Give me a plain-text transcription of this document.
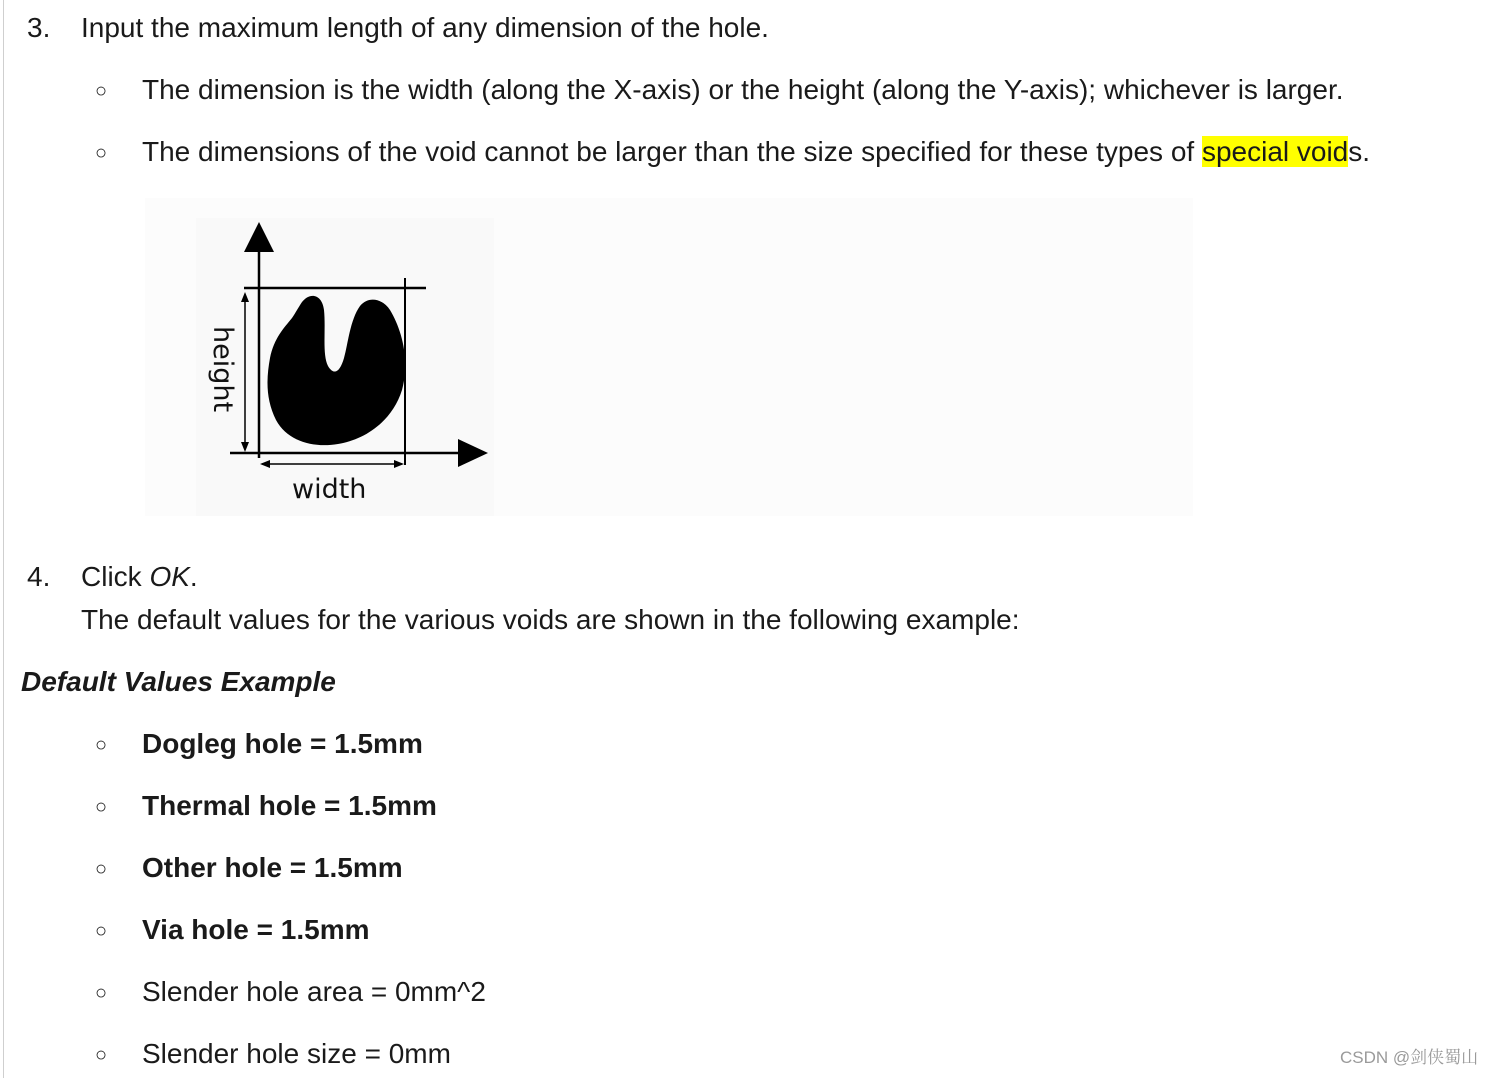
3. Input the maximum length of any dimension of the hole.
○ The dimension is the width (along the X-axis) or the height (along the Y-axis); whichever is larger.
○ The dimensions of the void cannot be larger than the size specified for these types of special voids.
height
width
4. Click OK.
The default values for the various voids are shown in the following example:
Default Values Example
○ Dogleg hole = 1.5mm
○ Thermal hole = 1.5mm
○ Other hole = 1.5mm
○ Via hole = 1.5mm
○ Slender hole area = 0mm^2
○ Slender hole size = 0mm	CSDN @剑侠蜀山
